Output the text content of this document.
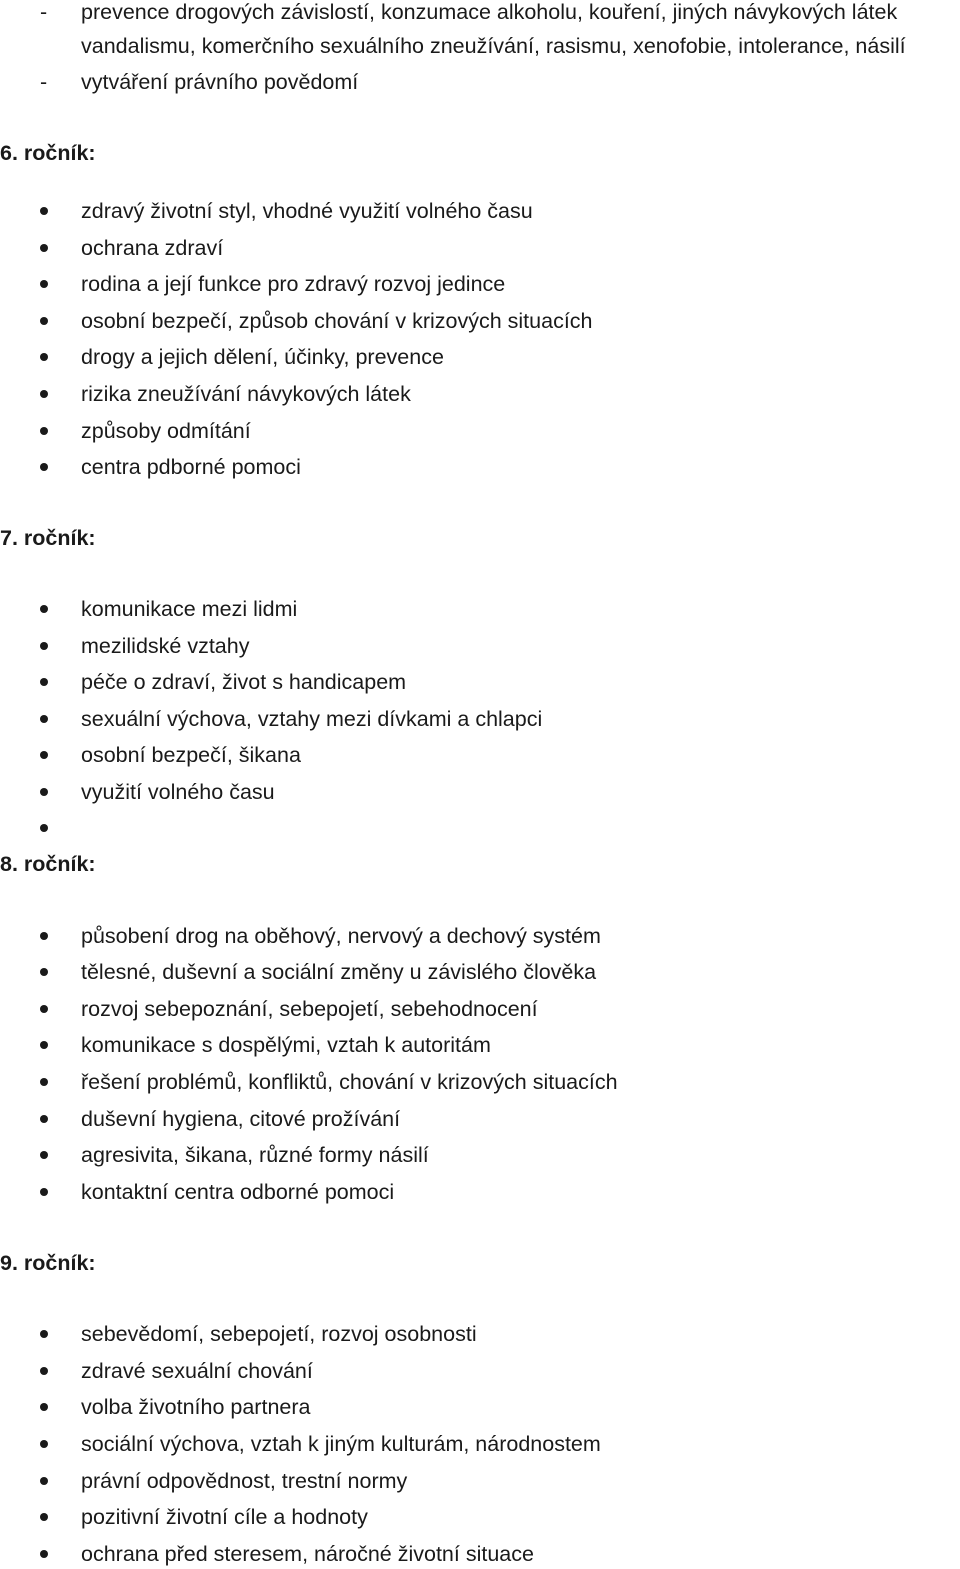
- prevence drogových závislostí, konzumace alkoholu, kouření, jiných návykových látek
vandalismu, komerčního sexuálního zneužívání, rasismu, xenofobie, intolerance, násilí
- vytváření právního povědomí
6. ročník:
zdravý životní styl, vhodné využití volného času
ochrana zdraví
rodina a její funkce pro zdravý rozvoj jedince
osobní bezpečí, způsob chování v krizových situacích
drogy a jejich dělení, účinky, prevence
rizika zneužívání návykových látek
způsoby odmítání
centra pdborné pomoci
7. ročník:
komunikace mezi lidmi
mezilidské vztahy
péče o zdraví, život s handicapem
sexuální výchova, vztahy mezi dívkami a chlapci
osobní bezpečí, šikana
využití volného času
8. ročník:
působení drog na oběhový, nervový a dechový systém
tělesné, duševní a sociální změny u závislého člověka
rozvoj sebepoznání, sebepojetí, sebehodnocení
komunikace s dospělými, vztah k autoritám
řešení problémů, konfliktů, chování v krizových situacích
duševní hygiena, citové prožívání
agresivita, šikana, různé formy násilí
kontaktní centra odborné pomoci
9. ročník:
sebevědomí, sebepojetí, rozvoj osobnosti
zdravé sexuální chování
volba životního partnera
sociální výchova, vztah k jiným kulturám, národnostem
právní odpovědnost, trestní normy
pozitivní životní cíle a hodnoty
ochrana před steresem, náročné životní situace
